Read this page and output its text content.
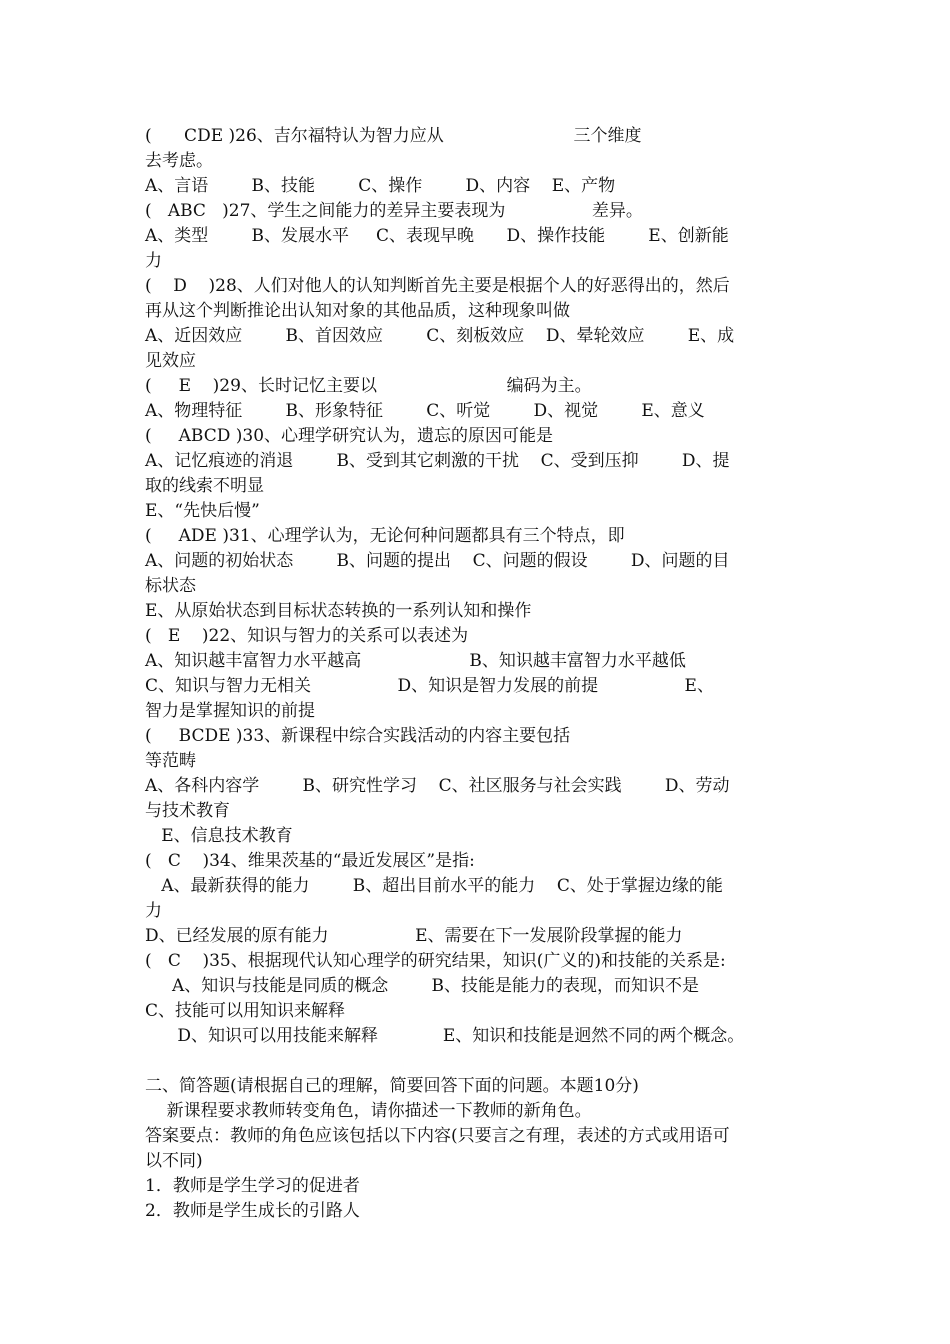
(      CDE )26、吉尔福特认为智力应从                        三个维度
去考虑。
A、言语        B、技能        C、操作        D、内容    E、产物
(   ABC   )27、学生之间能力的差异主要表现为                差异。
A、类型        B、发展水平     C、表现早晚      D、操作技能        E、创新能
力
(    D    )28、人们对他人的认知判断首先主要是根据个人的好恶得出的，然后
再从这个判断推论出认知对象的其他品质，这种现象叫做
A、近因效应        B、首因效应        C、刻板效应    D、晕轮效应        E、成
见效应
(     E    )29、长时记忆主要以                        编码为主。
A、物理特征        B、形象特征        C、听觉        D、视觉        E、意义
(     ABCD )30、心理学研究认为，遗忘的原因可能是
A、记忆痕迹的消退        B、受到其它刺激的干扰    C、受到压抑        D、提
取的线索不明显
E、“先快后慢”
(     ADE )31、心理学认为，无论何种问题都具有三个特点，即
A、问题的初始状态        B、问题的提出    C、问题的假设        D、问题的目
标状态
E、从原始状态到目标状态转换的一系列认知和操作
(   E    )22、知识与智力的关系可以表述为
A、知识越丰富智力水平越高                    B、知识越丰富智力水平越低
C、知识与智力无相关                D、知识是智力发展的前提                E、
智力是掌握知识的前提
(     BCDE )33、新课程中综合实践活动的内容主要包括
等范畴
A、各科内容学        B、研究性学习    C、社区服务与社会实践        D、劳动
与技术教育
E、信息技术教育
(   C    )34、维果茨基的“最近发展区”是指:
A、最新获得的能力        B、超出目前水平的能力    C、处于掌握边缘的能
力
D、已经发展的原有能力                E、需要在下一发展阶段掌握的能力
(   C    )35、根据现代认知心理学的研究结果，知识(广义的)和技能的关系是:
A、知识与技能是同质的概念        B、技能是能力的表现，而知识不是
C、技能可以用知识来解释
D、知识可以用技能来解释            E、知识和技能是迥然不同的两个概念。
二、简答题(请根据自己的理解，简要回答下面的问题。本题10分)
新课程要求教师转变角色，请你描述一下教师的新角色。
答案要点：教师的角色应该包括以下内容(只要言之有理，表述的方式或用语可
以不同)
1．教师是学生学习的促进者
2．教师是学生成长的引路人
